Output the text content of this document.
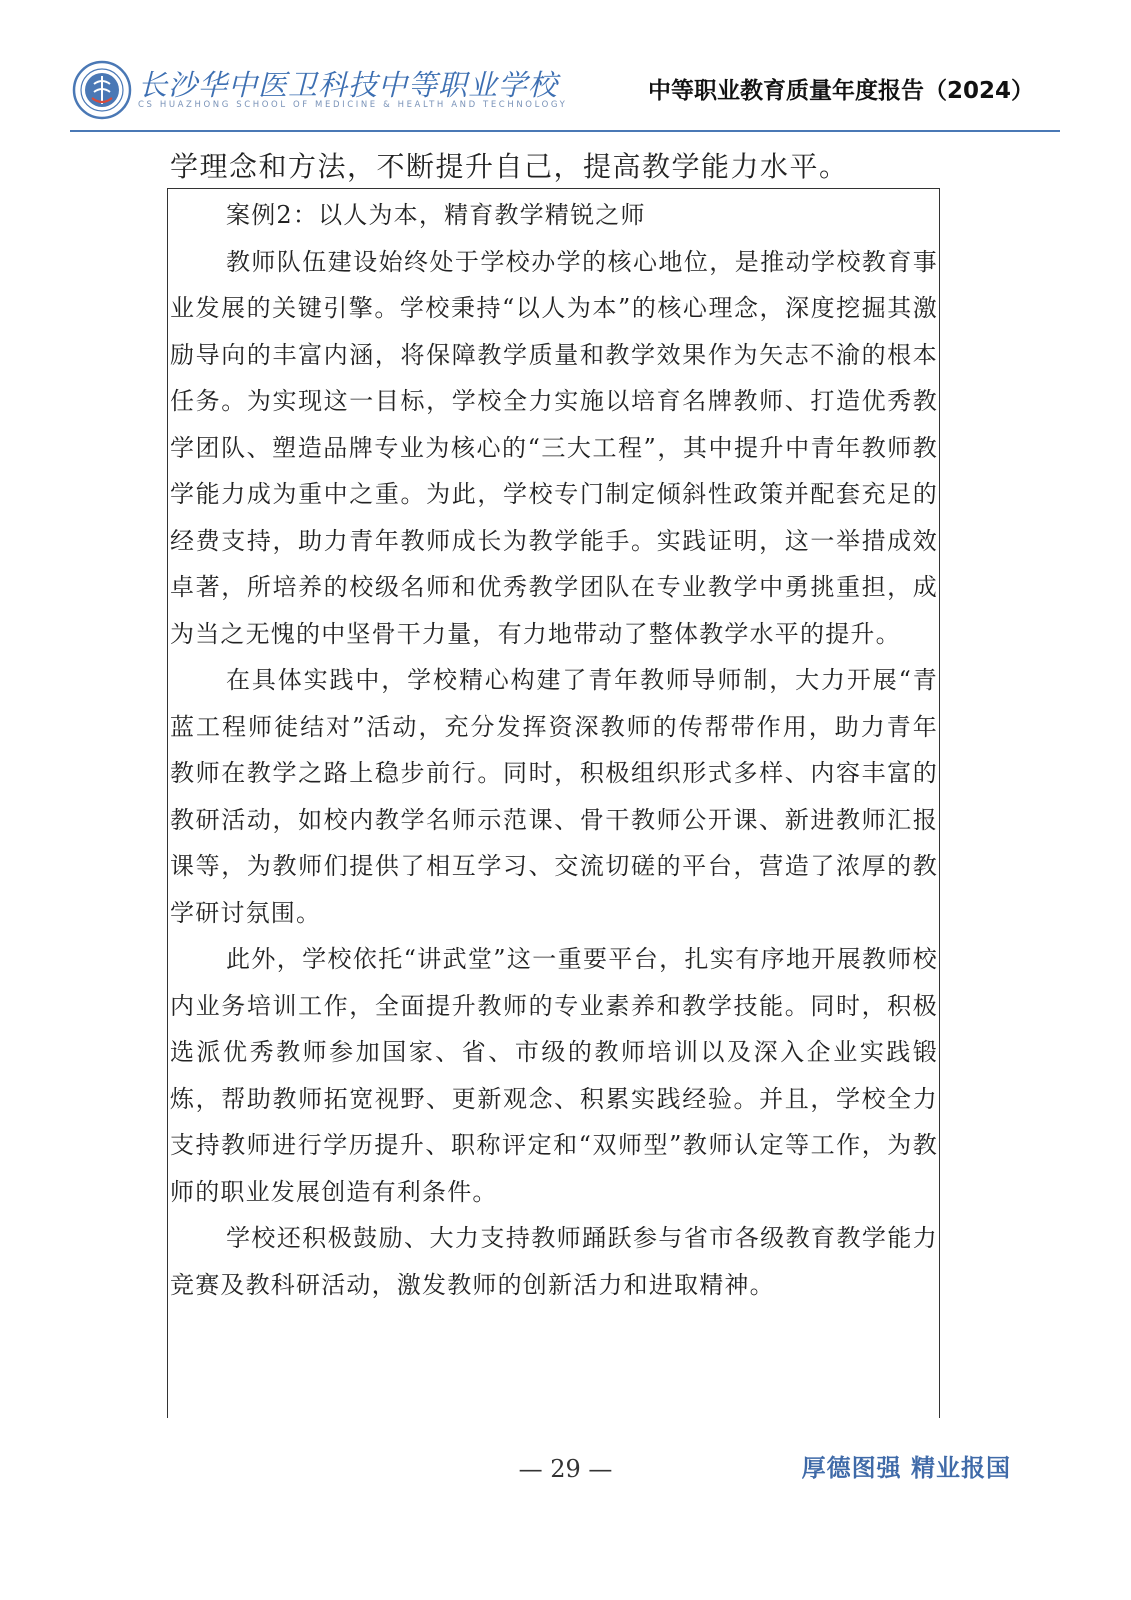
长沙华中医卫科技中等职业学校
CS HUAZHONG SCHOOL OF MEDICINE & HEALTH AND TECHNOLOGY
中等职业教育质量年度报告（2024）
学理念和方法，不断提升自己，提高教学能力水平。
案例2：以人为本，精育教学精锐之师

教师队伍建设始终处于学校办学的核心地位，是推动学校教育事业发展的关键引擎。学校秉持“以人为本”的核心理念，深度挖掘其激励导向的丰富内涵，将保障教学质量和教学效果作为矢志不渝的根本任务。为实现这一目标，学校全力实施以培育名牌教师、打造优秀教学团队、塑造品牌专业为核心的“三大工程”，其中提升中青年教师教学能力成为重中之重。为此，学校专门制定倾斜性政策并配套充足的经费支持，助力青年教师成长为教学能手。实践证明，这一举措成效卓著，所培养的校级名师和优秀教学团队在专业教学中勇挑重担，成为当之无愧的中坚骨干力量，有力地带动了整体教学水平的提升。

在具体实践中，学校精心构建了青年教师导师制，大力开展“青蓝工程师徒结对”活动，充分发挥资深教师的传帮带作用，助力青年教师在教学之路上稳步前行。同时，积极组织形式多样、内容丰富的教研活动，如校内教学名师示范课、骨干教师公开课、新进教师汇报课等，为教师们提供了相互学习、交流切磋的平台，营造了浓厚的教学研讨氛围。

此外，学校依托“讲武堂”这一重要平台，扎实有序地开展教师校内业务培训工作，全面提升教师的专业素养和教学技能。同时，积极选派优秀教师参加国家、省、市级的教师培训以及深入企业实践锻炼，帮助教师拓宽视野、更新观念、积累实践经验。并且，学校全力支持教师进行学历提升、职称评定和“双师型”教师认定等工作，为教师的职业发展创造有利条件。

学校还积极鼓励、大力支持教师踊跃参与省市各级教育教学能力竞赛及教科研活动，激发教师的创新活力和进取精神。

— 29 —	厚德图强 精业报国
